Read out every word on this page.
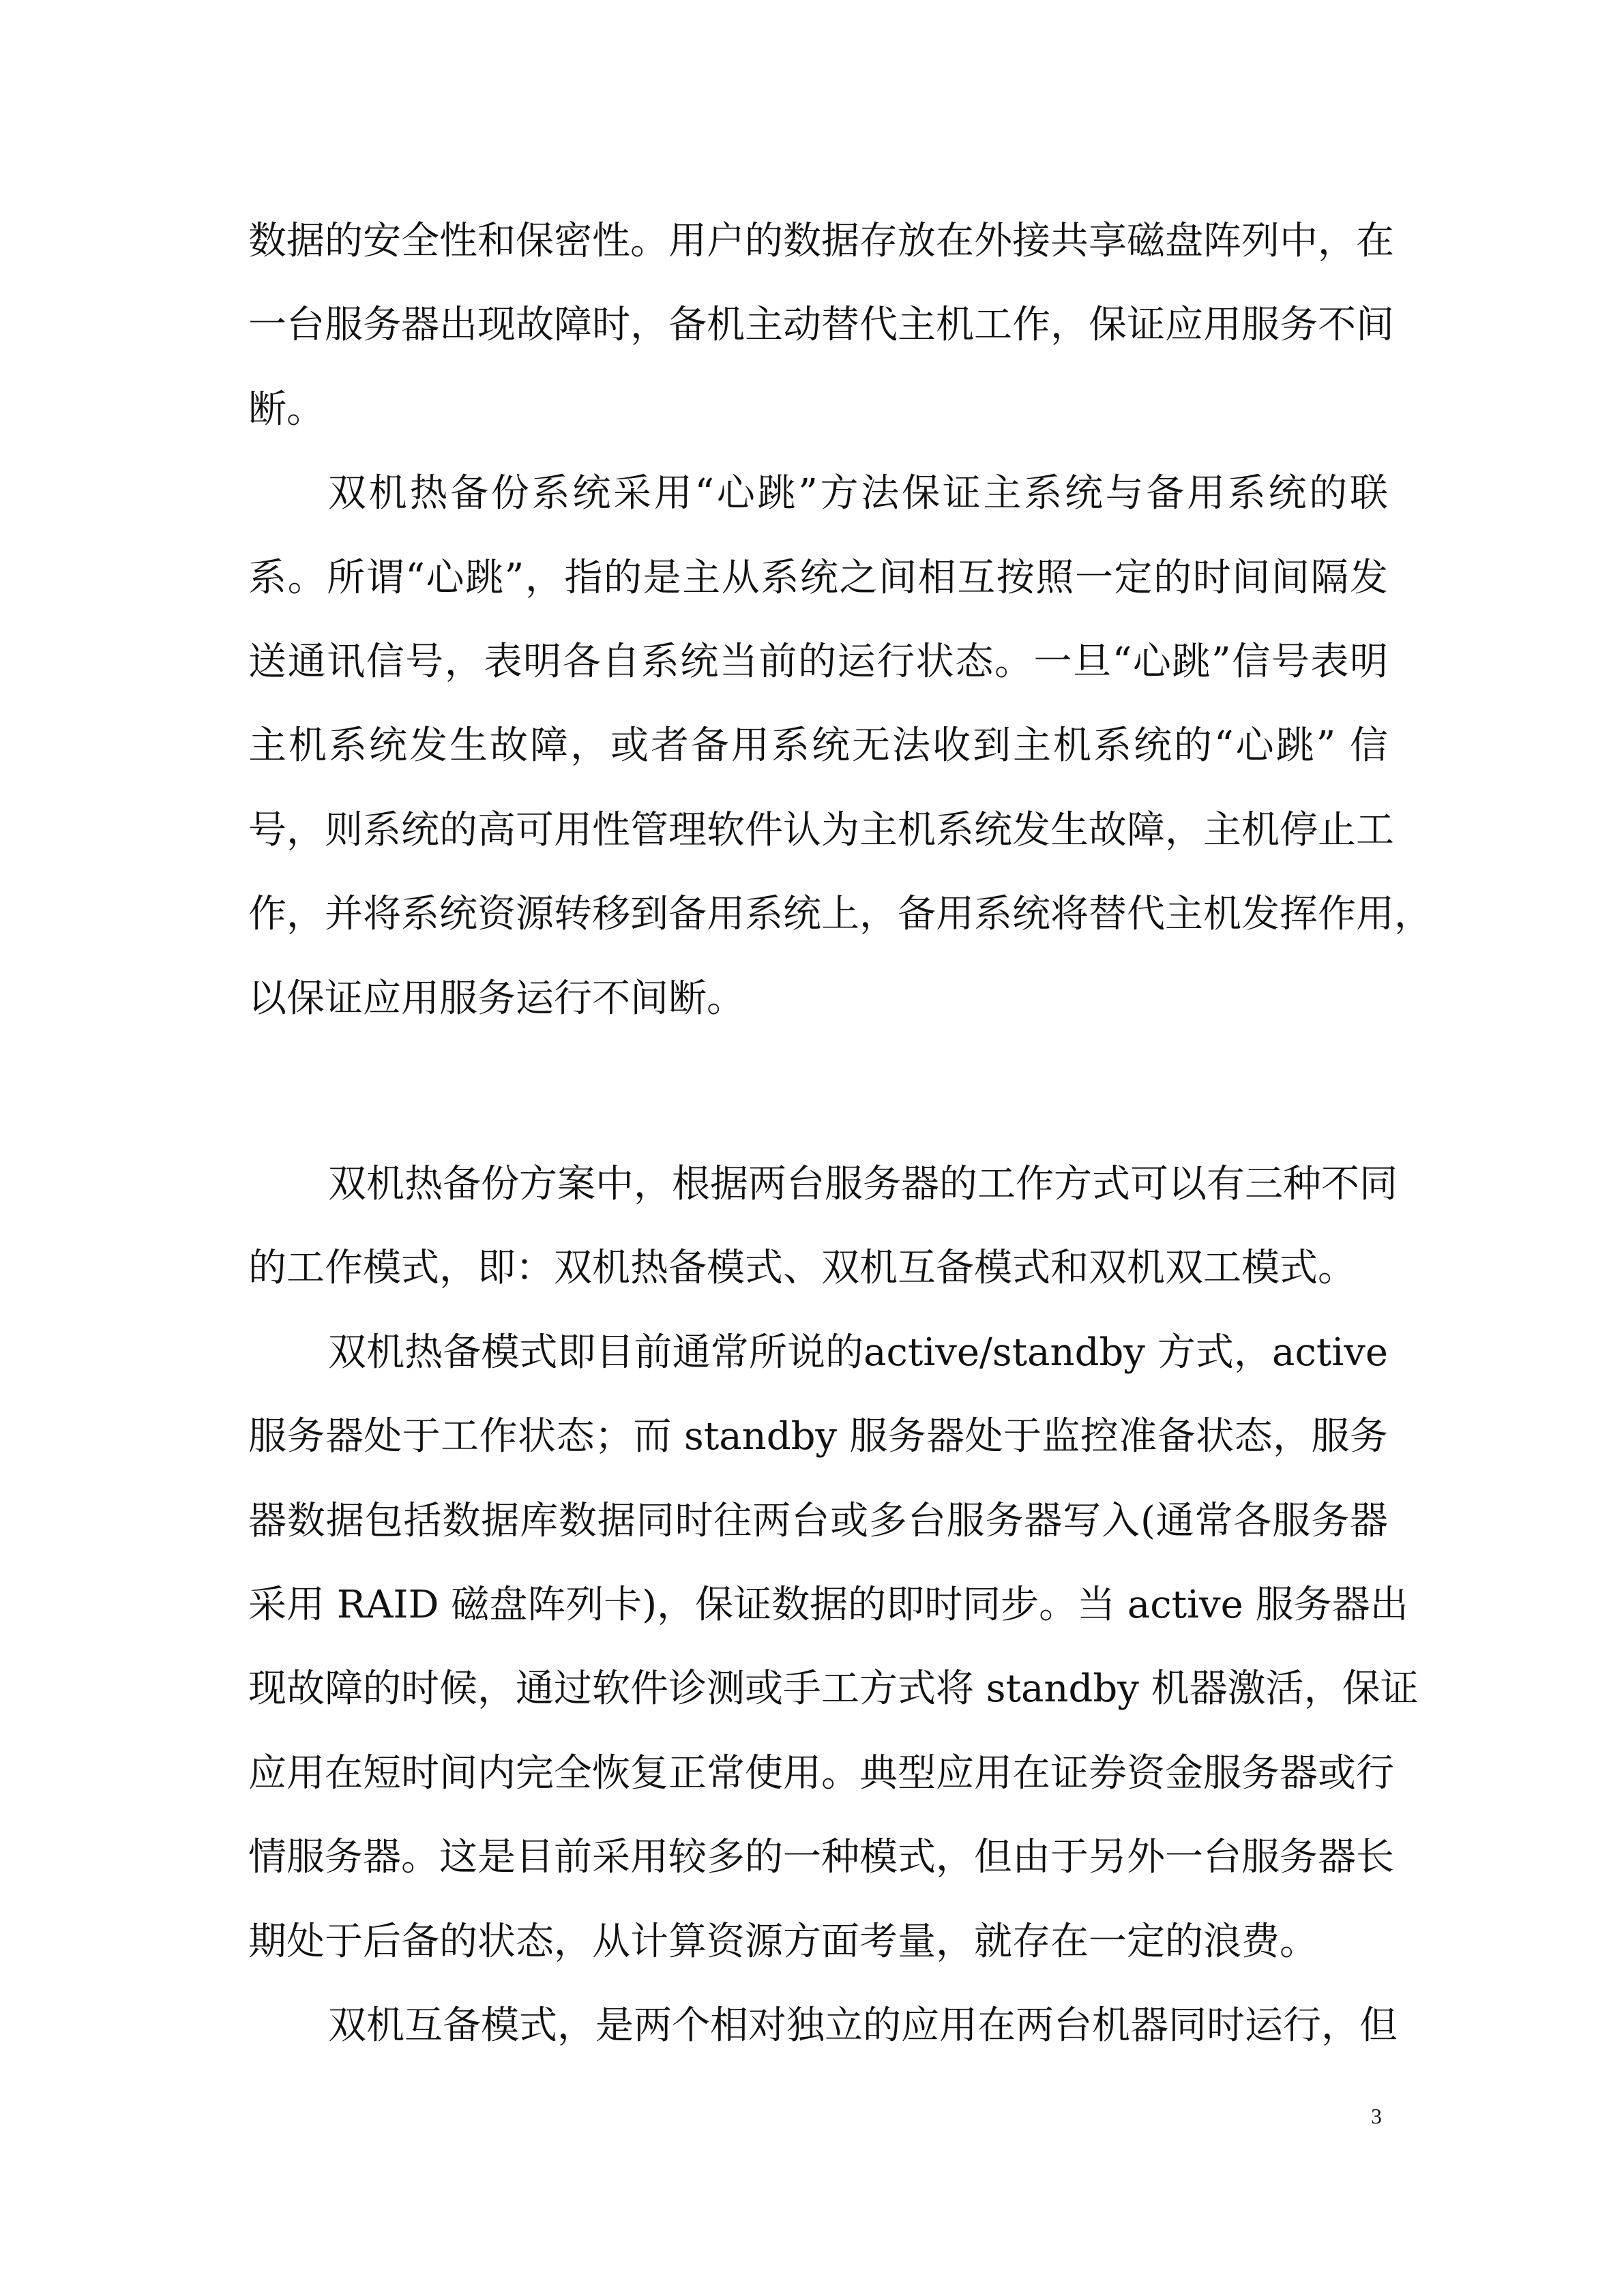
数据的安全性和保密性。用户的数据存放在外接共享磁盘阵列中，在
一台服务器出现故障时，备机主动替代主机工作，保证应用服务不间
断。
双机热备份系统采用“心跳”方法保证主系统与备用系统的联
系。所谓“心跳”，指的是主从系统之间相互按照一定的时间间隔发
送通讯信号，表明各自系统当前的运行状态。一旦“心跳”信号表明
主机系统发生故障，或者备用系统无法收到主机系统的“心跳” 信
号，则系统的高可用性管理软件认为主机系统发生故障，主机停止工
作，并将系统资源转移到备用系统上，备用系统将替代主机发挥作用，
以保证应用服务运行不间断。
双机热备份方案中，根据两台服务器的工作方式可以有三种不同
的工作模式，即：双机热备模式、双机互备模式和双机双工模式。
双机热备模式即目前通常所说的active/standby 方式，active
服务器处于工作状态；而 standby 服务器处于监控准备状态，服务
器数据包括数据库数据同时往两台或多台服务器写入(通常各服务器
采用 RAID 磁盘阵列卡)，保证数据的即时同步。当 active 服务器出
现故障的时候，通过软件诊测或手工方式将 standby 机器激活，保证
应用在短时间内完全恢复正常使用。典型应用在证券资金服务器或行
情服务器。这是目前采用较多的一种模式，但由于另外一台服务器长
期处于后备的状态，从计算资源方面考量，就存在一定的浪费。
双机互备模式，是两个相对独立的应用在两台机器同时运行，但
3
